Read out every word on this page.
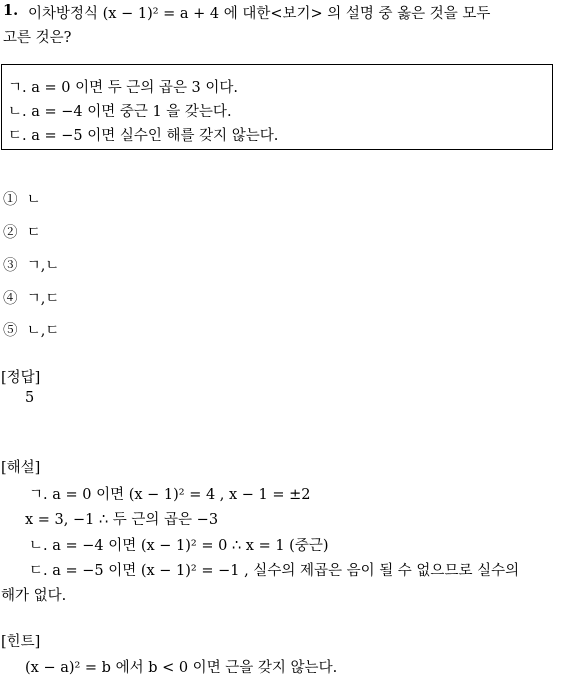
1. 이차방정식 (x − 1)² = a + 4 에 대한<보기> 의 설명 중 옳은 것을 모두
고른 것은?
ㄱ. a = 0 이면 두 근의 곱은 3 이다.
ㄴ. a = −4 이면 중근 1 을 갖는다.
ㄷ. a = −5 이면 실수인 해를 갖지 않는다.
① ㄴ
② ㄷ
③ ㄱ,ㄴ
④ ㄱ,ㄷ
⑤ ㄴ,ㄷ
[정답]
5
[해설]
ㄱ. a = 0 이면 (x − 1)² = 4 , x − 1 = ±2
x = 3, −1 ∴ 두 근의 곱은 −3
ㄴ. a = −4 이면 (x − 1)² = 0 ∴ x = 1 (중근)
ㄷ. a = −5 이면 (x − 1)² = −1 , 실수의 제곱은 음이 될 수 없으므로 실수의
해가 없다.
[힌트]
(x − a)² = b 에서 b < 0 이면 근을 갖지 않는다.
